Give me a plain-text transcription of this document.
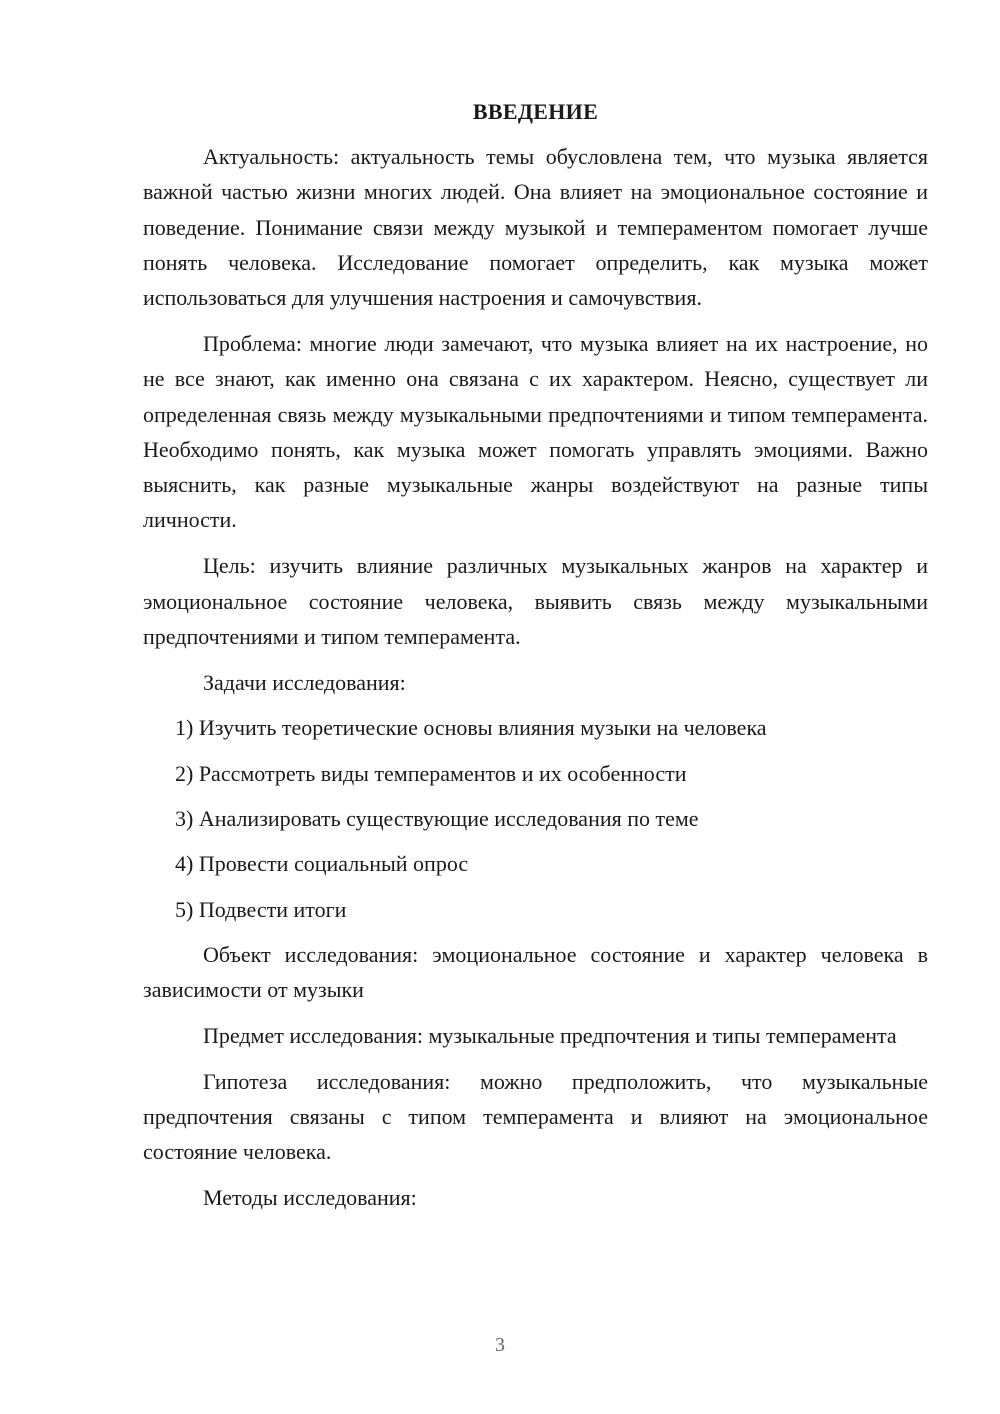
ВВЕДЕНИЕ

Актуальность: актуальность темы обусловлена тем, что музыка является важной частью жизни многих людей. Она влияет на эмоциональное состояние и поведение. Понимание связи между музыкой и темпераментом помогает лучше понять человека. Исследование помогает определить, как музыка может использоваться для улучшения настроения и самочувствия.

Проблема: многие люди замечают, что музыка влияет на их настроение, но не все знают, как именно она связана с их характером. Неясно, существует ли определенная связь между музыкальными предпочтениями и типом темперамента. Необходимо понять, как музыка может помогать управлять эмоциями. Важно выяснить, как разные музыкальные жанры воздействуют на разные типы личности.

Цель: изучить влияние различных музыкальных жанров на характер и эмоциональное состояние человека, выявить связь между музыкальными предпочтениями и типом темперамента.

Задачи исследования:

1) Изучить теоретические основы влияния музыки на человека
2) Рассмотреть виды темпераментов и их особенности
3) Анализировать существующие исследования по теме
4) Провести социальный опрос
5) Подвести итоги

Объект исследования: эмоциональное состояние и характер человека в зависимости от музыки

Предмет исследования: музыкальные предпочтения и типы темперамента

Гипотеза исследования: можно предположить, что музыкальные предпочтения связаны с типом темперамента и влияют на эмоциональное состояние человека.

Методы исследования:

3
